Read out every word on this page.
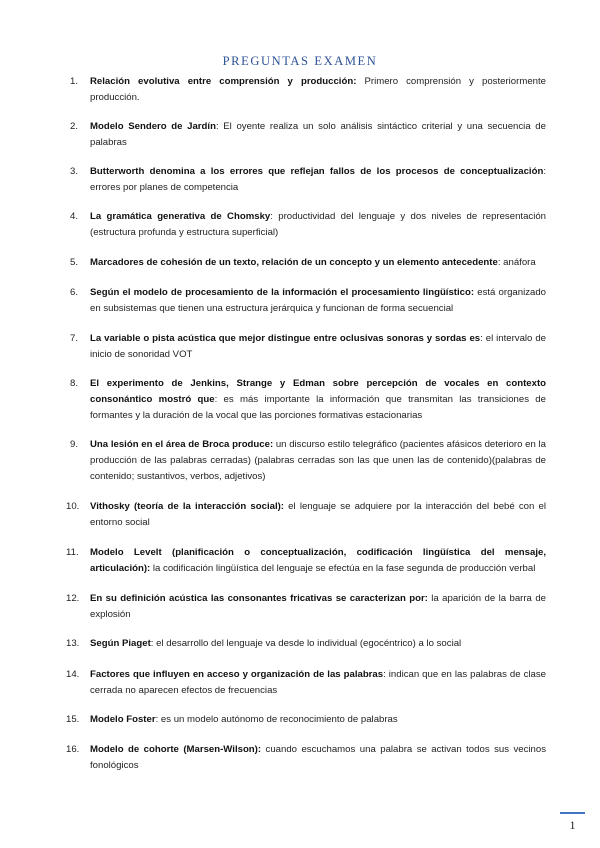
PREGUNTAS EXAMEN
1.	Relación evolutiva entre comprensión y producción: Primero comprensión y posteriormente producción.
2.	Modelo Sendero de Jardín: El oyente realiza un solo análisis sintáctico criterial y una secuencia de palabras
3.	Butterworth denomina a los errores que reflejan fallos de los procesos de conceptualización: errores por planes de competencia
4.	La gramática generativa de Chomsky: productividad del lenguaje y dos niveles de representación (estructura profunda y estructura superficial)
5.	Marcadores de cohesión de un texto, relación de un concepto y un elemento antecedente: anáfora
6.	Según el modelo de procesamiento de la información el procesamiento lingüístico: está organizado en subsistemas que tienen una estructura jerárquica y funcionan de forma secuencial
7.	La variable o pista acústica que mejor distingue entre oclusivas sonoras y sordas es: el intervalo de inicio de sonoridad VOT
8.	El experimento de Jenkins, Strange y Edman sobre percepción de vocales en contexto consonántico mostró que: es más importante la información que transmitan las transiciones de formantes y la duración de la vocal que las porciones formativas estacionarias
9.	Una lesión en el área de Broca produce: un discurso estilo telegráfico (pacientes afásicos deterioro en la producción de las palabras cerradas) (palabras cerradas son las que unen las de contenido)(palabras de contenido; sustantivos, verbos, adjetivos)
10.	Vithosky (teoría de la interacción social): el lenguaje se adquiere por la interacción del bebé con el entorno social
11.	Modelo Levelt (planificación o conceptualización, codificación lingüística del mensaje, articulación): la codificación lingüística del lenguaje se efectúa en la fase segunda de producción verbal
12.	En su definición acústica las consonantes fricativas se caracterizan por: la aparición de la barra de explosión
13.	Según Piaget: el desarrollo del lenguaje va desde lo individual (egocéntrico) a lo social
14.	Factores que influyen en acceso y organización de las palabras: indican que en las palabras de clase cerrada no aparecen efectos de frecuencias
15.	Modelo Foster: es un modelo autónomo de reconocimiento de palabras
16.	Modelo de cohorte (Marsen-Wilson): cuando escuchamos una palabra se activan todos sus vecinos fonológicos
1
